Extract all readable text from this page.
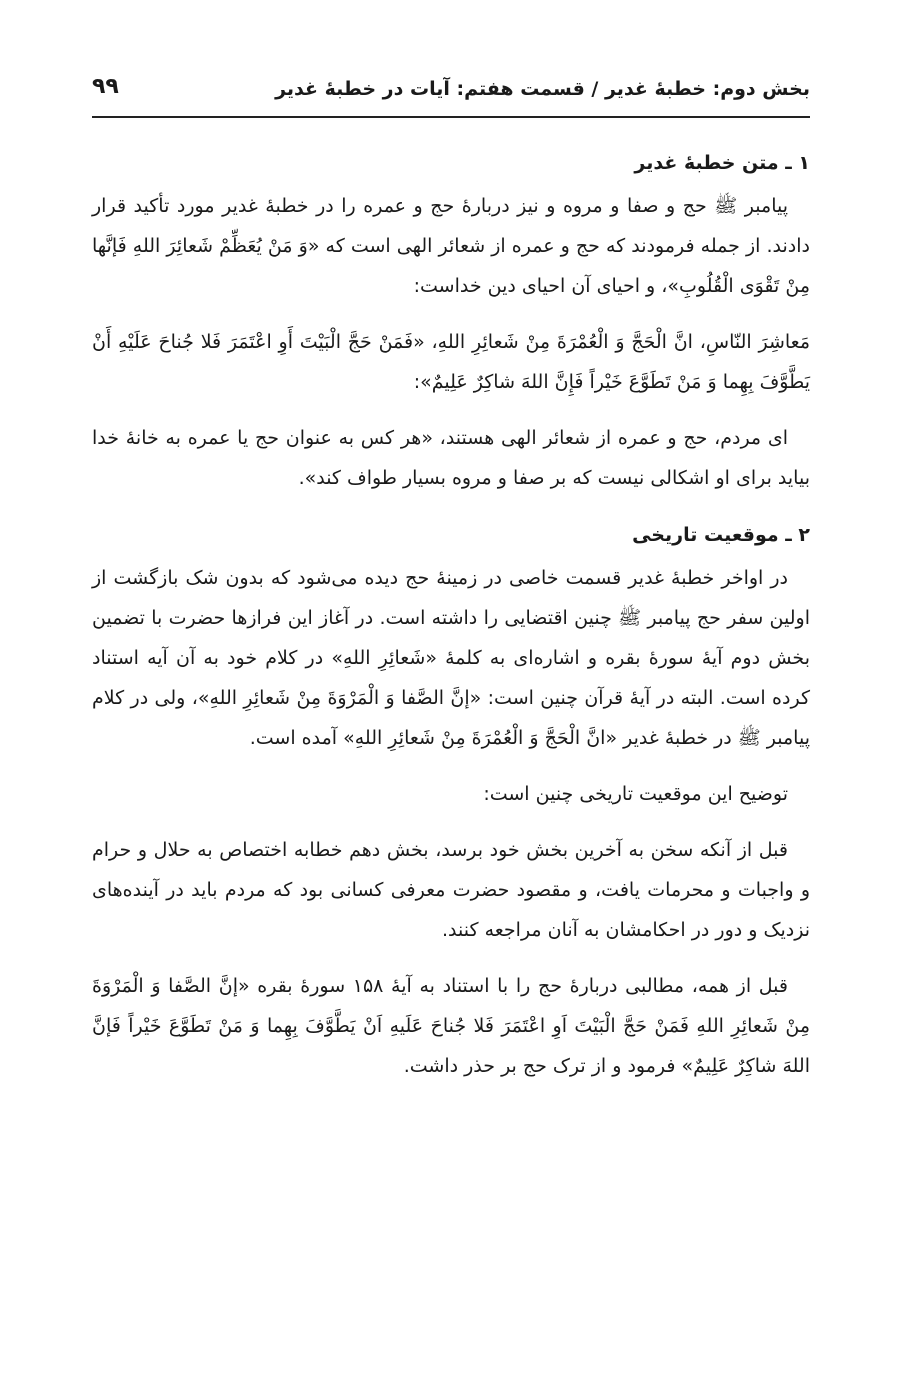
بخش دوم: خطبۀ غدیر / قسمت هفتم: آیات در خطبۀ غدیر
۹۹
۱ ـ متن خطبۀ غدیر

پیامبر ﷺ حج و صفا و مروه و نیز دربارۀ حج و عمره را در خطبۀ غدیر مورد تأکید قرار دادند. از جمله فرمودند که حج و عمره از شعائر الهی است که «وَ مَنْ يُعَظِّمْ شَعائِرَ اللهِ فَإنَّها مِنْ تَقْوَى الْقُلُوبِ»، و احیای آن احیای دین خداست:

مَعاشِرَ النّاسِ، انَّ الْحَجَّ وَ الْعُمْرَةَ مِنْ شَعائِرِ اللهِ، «فَمَنْ حَجَّ الْبَيْتَ أَوِ اعْتَمَرَ فَلا جُناحَ عَلَيْهِ أَنْ يَطَّوَّفَ بِهِما وَ مَنْ تَطَوَّعَ خَيْراً فَإِنَّ اللهَ شاكِرٌ عَلِيمٌ»:

ای مردم، حج و عمره از شعائر الهی هستند، «هر کس به عنوان حج یا عمره به خانۀ خدا بیاید برای او اشکالی نیست که بر صفا و مروه بسیار طواف کند».

۲ ـ موقعیت تاریخی

در اواخر خطبۀ غدیر قسمت خاصی در زمینۀ حج دیده می‌شود که بدون شک بازگشت از اولین سفر حج پیامبر ﷺ چنین اقتضایی را داشته است. در آغاز این فرازها حضرت با تضمین بخش دوم آیۀ سورۀ بقره و اشاره‌ای به کلمۀ «شَعائِرِ اللهِ» در کلام خود به آن آیه استناد کرده است. البته در آیۀ قرآن چنین است: «إنَّ الصَّفا وَ الْمَرْوَةَ مِنْ شَعائِرِ اللهِ»، ولی در کلام پیامبر ﷺ در خطبۀ غدیر «انَّ الْحَجَّ وَ الْعُمْرَةَ مِنْ شَعائِرِ اللهِ» آمده است.

توضیح این موقعیت تاریخی چنین است:

قبل از آنکه سخن به آخرین بخش خود برسد، بخش دهم خطابه اختصاص به حلال و حرام و واجبات و محرمات یافت، و مقصود حضرت معرفی کسانی بود که مردم باید در آینده‌های نزدیک و دور در احکامشان به آنان مراجعه کنند.

قبل از همه، مطالبی دربارۀ حج را با استناد به آیۀ ۱۵۸ سورۀ بقره «إنَّ الصَّفا وَ الْمَرْوَةَ مِنْ شَعائِرِ اللهِ فَمَنْ حَجَّ الْبَيْتَ اَوِ اعْتَمَرَ فَلا جُناحَ عَلَيهِ اَنْ يَطَّوَّفَ بِهِما وَ مَنْ تَطَوَّعَ خَيْراً فَإنَّ اللهَ شاكِرٌ عَلِيمٌ» فرمود و از ترک حج بر حذر داشت.
